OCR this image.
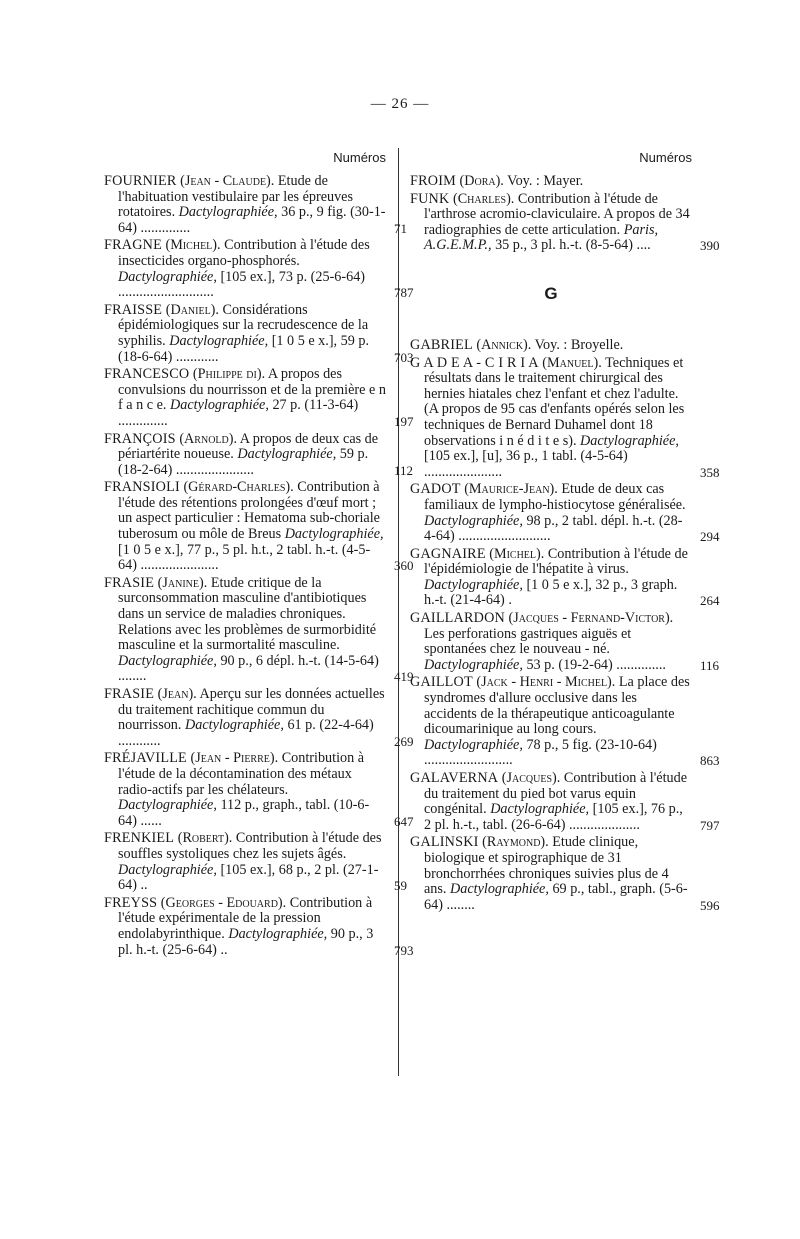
— 26 —
Numéros
FOURNIER (Jean - Claude). Etude de l'habituation vestibulaire par les épreuves rotatoires. Dactylographiée, 36 p., 9 fig. (30-1-64) ..............	71
FRAGNE (Michel). Contribution à l'étude des insecticides organo-phosphorés. Dactylographiée, [105 ex.], 73 p. (25-6-64) ...........................	787
FRAISSE (Daniel). Considérations épidémiologiques sur la recrudescence de la syphilis. Dactylographiée, [1 0 5 e x.], 59 p. (18-6-64) ............	703
FRANCESCO (Philippe di). A propos des convulsions du nourrisson et de la première e n f a n c e. Dactylographiée, 27 p. (11-3-64) ..............	197
FRANÇOIS (Arnold). A propos de deux cas de périartérite noueuse. Dactylographiée, 59 p. (18-2-64) ......................	112
FRANSIOLI (Gérard-Charles). Contribution à l'étude des rétentions prolongées d'œuf mort ; un aspect particulier : Hematoma sub-choriale tuberosum ou môle de Breus Dactylographiée, [1 0 5 e x.], 77 p., 5 pl. h.t., 2 tabl. h.-t. (4-5-64) ......................	360
FRASIE (Janine). Etude critique de la surconsommation masculine d'antibiotiques dans un service de maladies chroniques. Relations avec les problèmes de surmorbidité masculine et la surmortalité masculine. Dactylographiée, 90 p., 6 dépl. h.-t. (14-5-64) ........	419
FRASIE (Jean). Aperçu sur les données actuelles du traitement rachitique commun du nourrisson. Dactylographiée, 61 p. (22-4-64) ............	269
FRÉJAVILLE (Jean - Pierre). Contribution à l'étude de la décontamination des métaux radio-actifs par les chélateurs. Dactylographiée, 112 p., graph., tabl. (10-6-64) ......	647
FRENKIEL (Robert). Contribution à l'étude des souffles systoliques chez les sujets âgés. Dactylographiée, [105 ex.], 68 p., 2 pl. (27-1-64) ..	59
FREYSS (Georges - Edouard). Contribution à l'étude expérimentale de la pression endolabyrinthique. Dactylographiée, 90 p., 3 pl. h.-t. (25-6-64) ..	793
Numéros
FROIM (Dora). Voy. : Mayer.
FUNK (Charles). Contribution à l'étude de l'arthrose acromio-claviculaire. A propos de 34 radiographies de cette articulation. Paris, A.G.E.M.P., 35 p., 3 pl. h.-t. (8-5-64) ....	390
G
GABRIEL (Annick). Voy. : Broyelle.
G A D E A - C I R I A (Manuel). Techniques et résultats dans le traitement chirurgical des hernies hiatales chez l'enfant et chez l'adulte. (A propos de 95 cas d'enfants opérés selon les techniques de Bernard Duhamel dont 18 observations i n é d i t e s). Dactylographiée, [105 ex.], [u], 36 p., 1 tabl. (4-5-64) ......................	358
GADOT (Maurice-Jean). Etude de deux cas familiaux de lympho-histiocytose généralisée. Dactylographiée, 98 p., 2 tabl. dépl. h.-t. (28-4-64) ..........................	294
GAGNAIRE (Michel). Contribution à l'étude de l'épidémiologie de l'hépatite à virus. Dactylographiée, [1 0 5 e x.], 32 p., 3 graph. h.-t. (21-4-64) .	264
GAILLARDON (Jacques - Fernand-Victor). Les perforations gastriques aiguës et spontanées chez le nouveau - né. Dactylographiée, 53 p. (19-2-64) ..............	116
GAILLOT (Jack - Henri - Michel). La place des syndromes d'allure occlusive dans les accidents de la thérapeutique anticoagulante dicoumarinique au long cours. Dactylographiée, 78 p., 5 fig. (23-10-64) .........................	863
GALAVERNA (Jacques). Contribution à l'étude du traitement du pied bot varus equin congénital. Dactylographiée, [105 ex.], 76 p., 2 pl. h.-t., tabl. (26-6-64) ....................	797
GALINSKI (Raymond). Etude clinique, biologique et spirographique de 31 bronchorrhées chroniques suivies plus de 4 ans. Dactylographiée, 69 p., tabl., graph. (5-6-64) ........	596
